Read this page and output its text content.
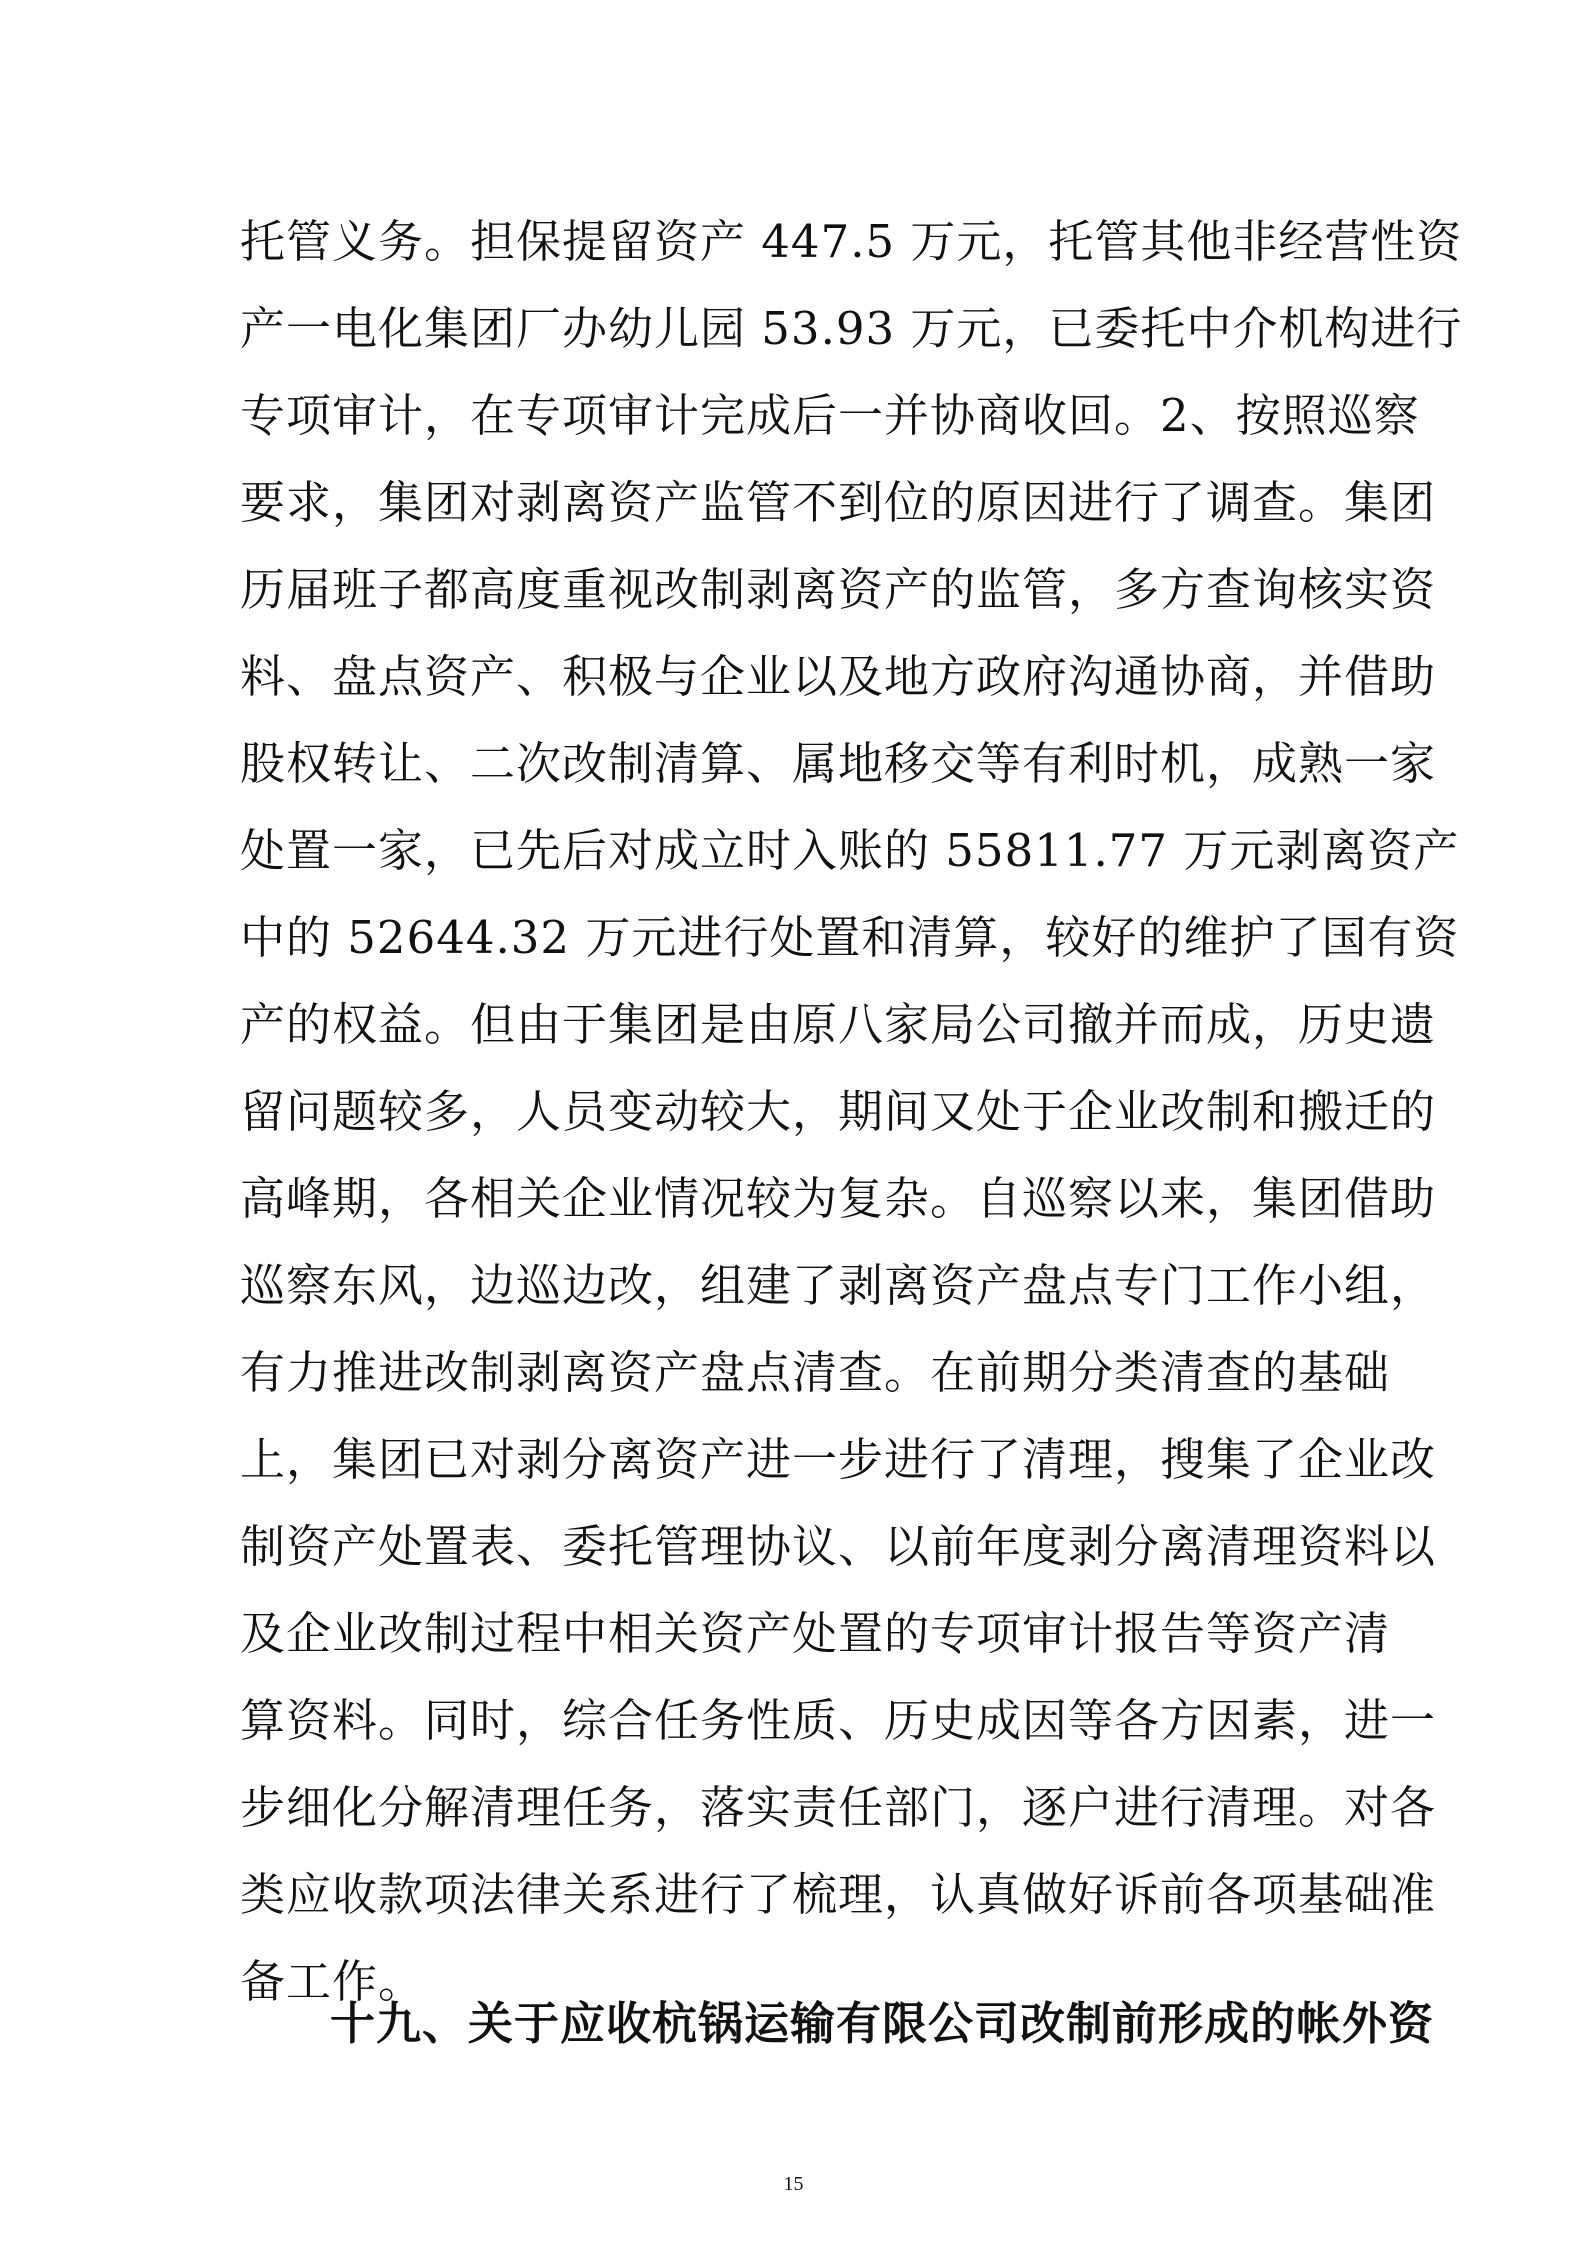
托管义务。担保提留资产 447.5 万元，托管其他非经营性资
产一电化集团厂办幼儿园 53.93 万元，已委托中介机构进行
专项审计，在专项审计完成后一并协商收回。2、按照巡察
要求，集团对剥离资产监管不到位的原因进行了调查。集团
历届班子都高度重视改制剥离资产的监管，多方查询核实资
料、盘点资产、积极与企业以及地方政府沟通协商，并借助
股权转让、二次改制清算、属地移交等有利时机，成熟一家
处置一家，已先后对成立时入账的 55811.77 万元剥离资产
中的 52644.32 万元进行处置和清算，较好的维护了国有资
产的权益。但由于集团是由原八家局公司撤并而成，历史遗
留问题较多，人员变动较大，期间又处于企业改制和搬迁的
高峰期，各相关企业情况较为复杂。自巡察以来，集团借助
巡察东风，边巡边改，组建了剥离资产盘点专门工作小组，
有力推进改制剥离资产盘点清查。在前期分类清查的基础
上，集团已对剥分离资产进一步进行了清理，搜集了企业改
制资产处置表、委托管理协议、以前年度剥分离清理资料以
及企业改制过程中相关资产处置的专项审计报告等资产清
算资料。同时，综合任务性质、历史成因等各方因素，进一
步细化分解清理任务，落实责任部门，逐户进行清理。对各
类应收款项法律关系进行了梳理，认真做好诉前各项基础准
备工作。
十九、关于应收杭锅运输有限公司改制前形成的帐外资
15
